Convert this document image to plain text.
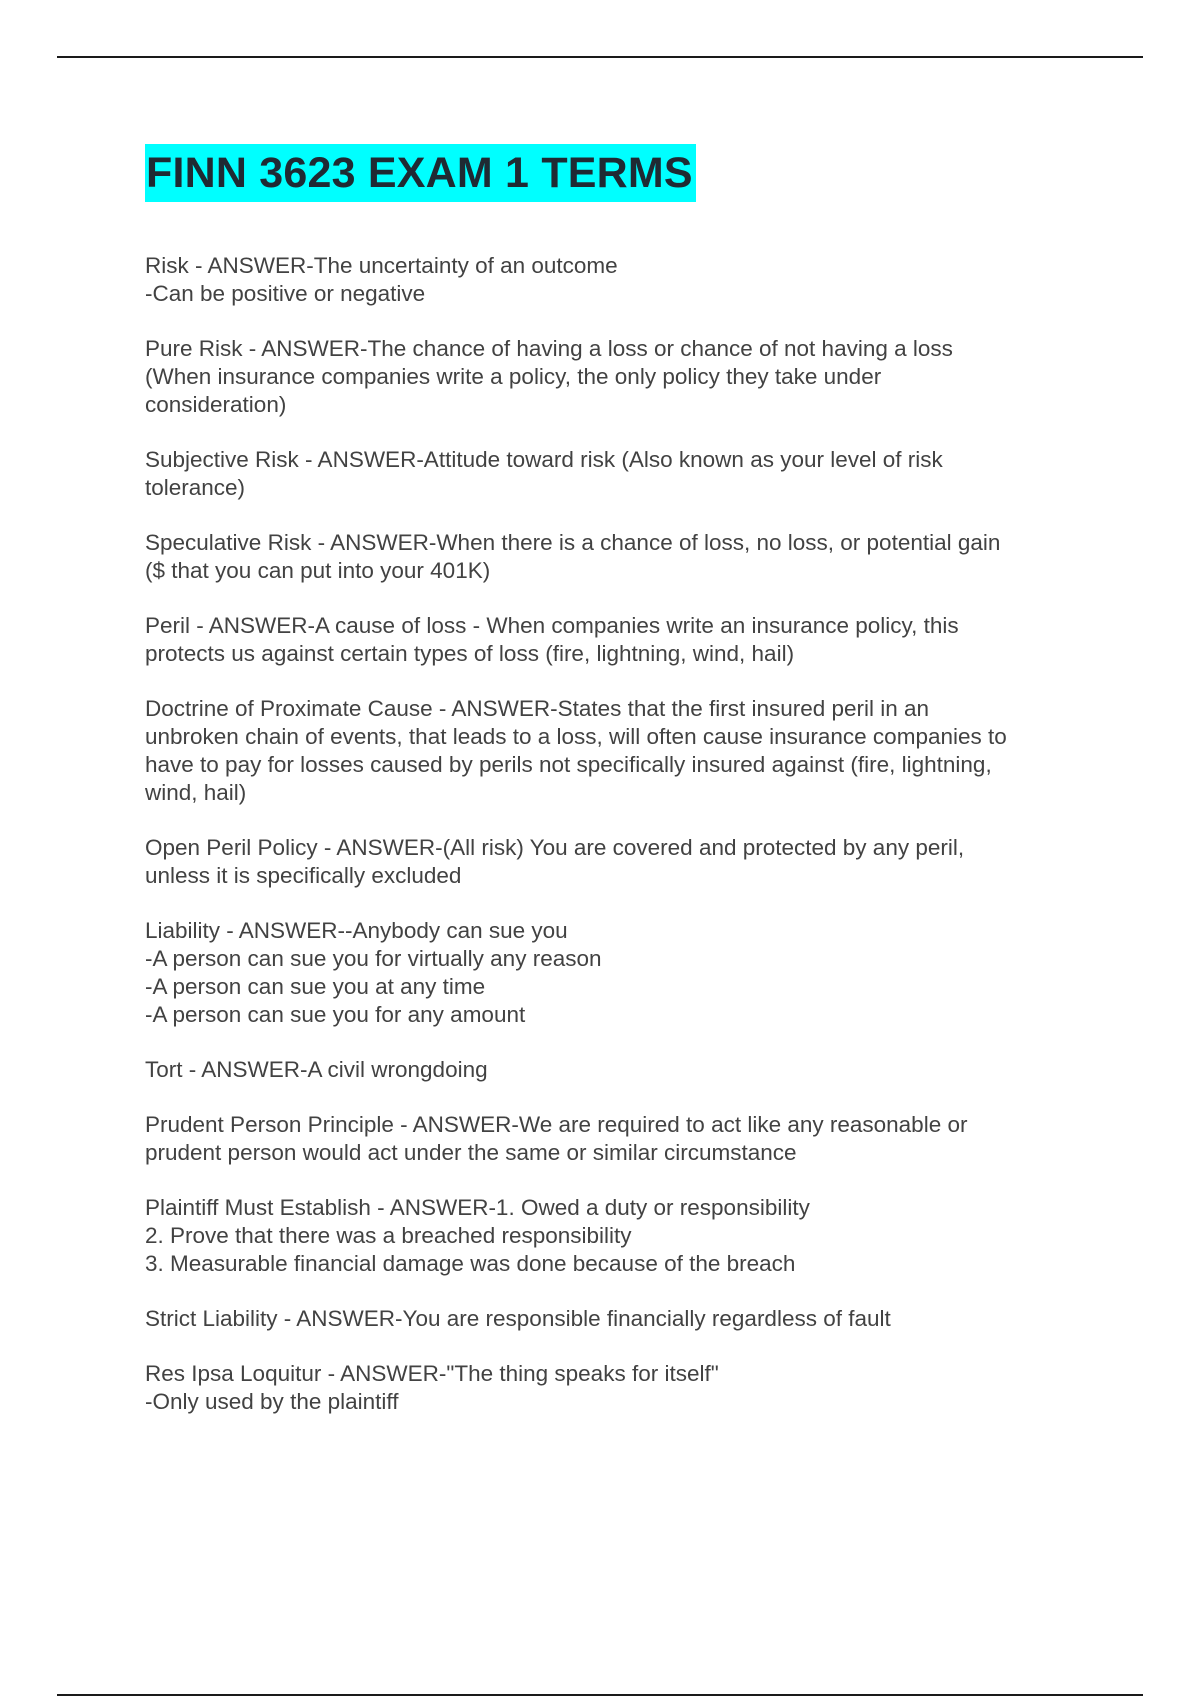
FINN 3623 EXAM 1 TERMS

Risk - ANSWER-The uncertainty of an outcome
-Can be positive or negative

Pure Risk - ANSWER-The chance of having a loss or chance of not having a loss
(When insurance companies write a policy, the only policy they take under
consideration)

Subjective Risk - ANSWER-Attitude toward risk (Also known as your level of risk
tolerance)

Speculative Risk - ANSWER-When there is a chance of loss, no loss, or potential gain
($ that you can put into your 401K)

Peril - ANSWER-A cause of loss - When companies write an insurance policy, this
protects us against certain types of loss (fire, lightning, wind, hail)

Doctrine of Proximate Cause - ANSWER-States that the first insured peril in an
unbroken chain of events, that leads to a loss, will often cause insurance companies to
have to pay for losses caused by perils not specifically insured against (fire, lightning,
wind, hail)

Open Peril Policy - ANSWER-(All risk) You are covered and protected by any peril,
unless it is specifically excluded

Liability - ANSWER--Anybody can sue you
-A person can sue you for virtually any reason
-A person can sue you at any time
-A person can sue you for any amount

Tort - ANSWER-A civil wrongdoing

Prudent Person Principle - ANSWER-We are required to act like any reasonable or
prudent person would act under the same or similar circumstance

Plaintiff Must Establish - ANSWER-1. Owed a duty or responsibility
2. Prove that there was a breached responsibility
3. Measurable financial damage was done because of the breach

Strict Liability - ANSWER-You are responsible financially regardless of fault

Res Ipsa Loquitur - ANSWER-"The thing speaks for itself"
-Only used by the plaintiff
